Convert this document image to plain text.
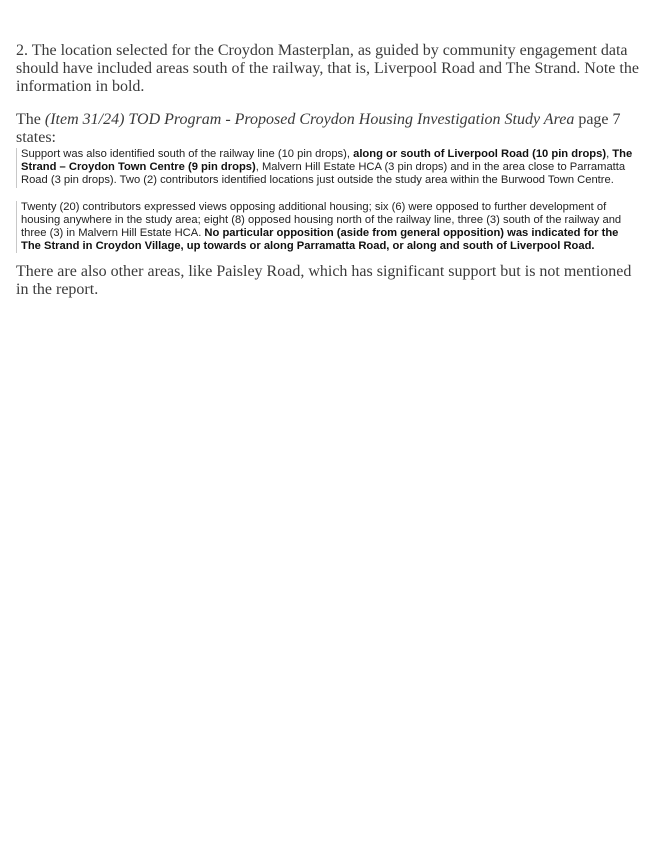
2. The location selected for the Croydon Masterplan, as guided by community engagement data should have included areas south of the railway, that is, Liverpool Road and The Strand. Note the information in bold.

The (Item 31/24) TOD Program - Proposed Croydon Housing Investigation Study Area page 7 states:

Support was also identified south of the railway line (10 pin drops), along or south of Liverpool Road (10 pin drops), The Strand – Croydon Town Centre (9 pin drops), Malvern Hill Estate HCA (3 pin drops) and in the area close to Parramatta Road (3 pin drops). Two (2) contributors identified locations just outside the study area within the Burwood Town Centre.
Twenty (20) contributors expressed views opposing additional housing; six (6) were opposed to further development of housing anywhere in the study area; eight (8) opposed housing north of the railway line, three (3) south of the railway and three (3) in Malvern Hill Estate HCA. No particular opposition (aside from general opposition) was indicated for the The Strand in Croydon Village, up towards or along Parramatta Road, or along and south of Liverpool Road.

There are also other areas, like Paisley Road, which has significant support but is not mentioned in the report.
